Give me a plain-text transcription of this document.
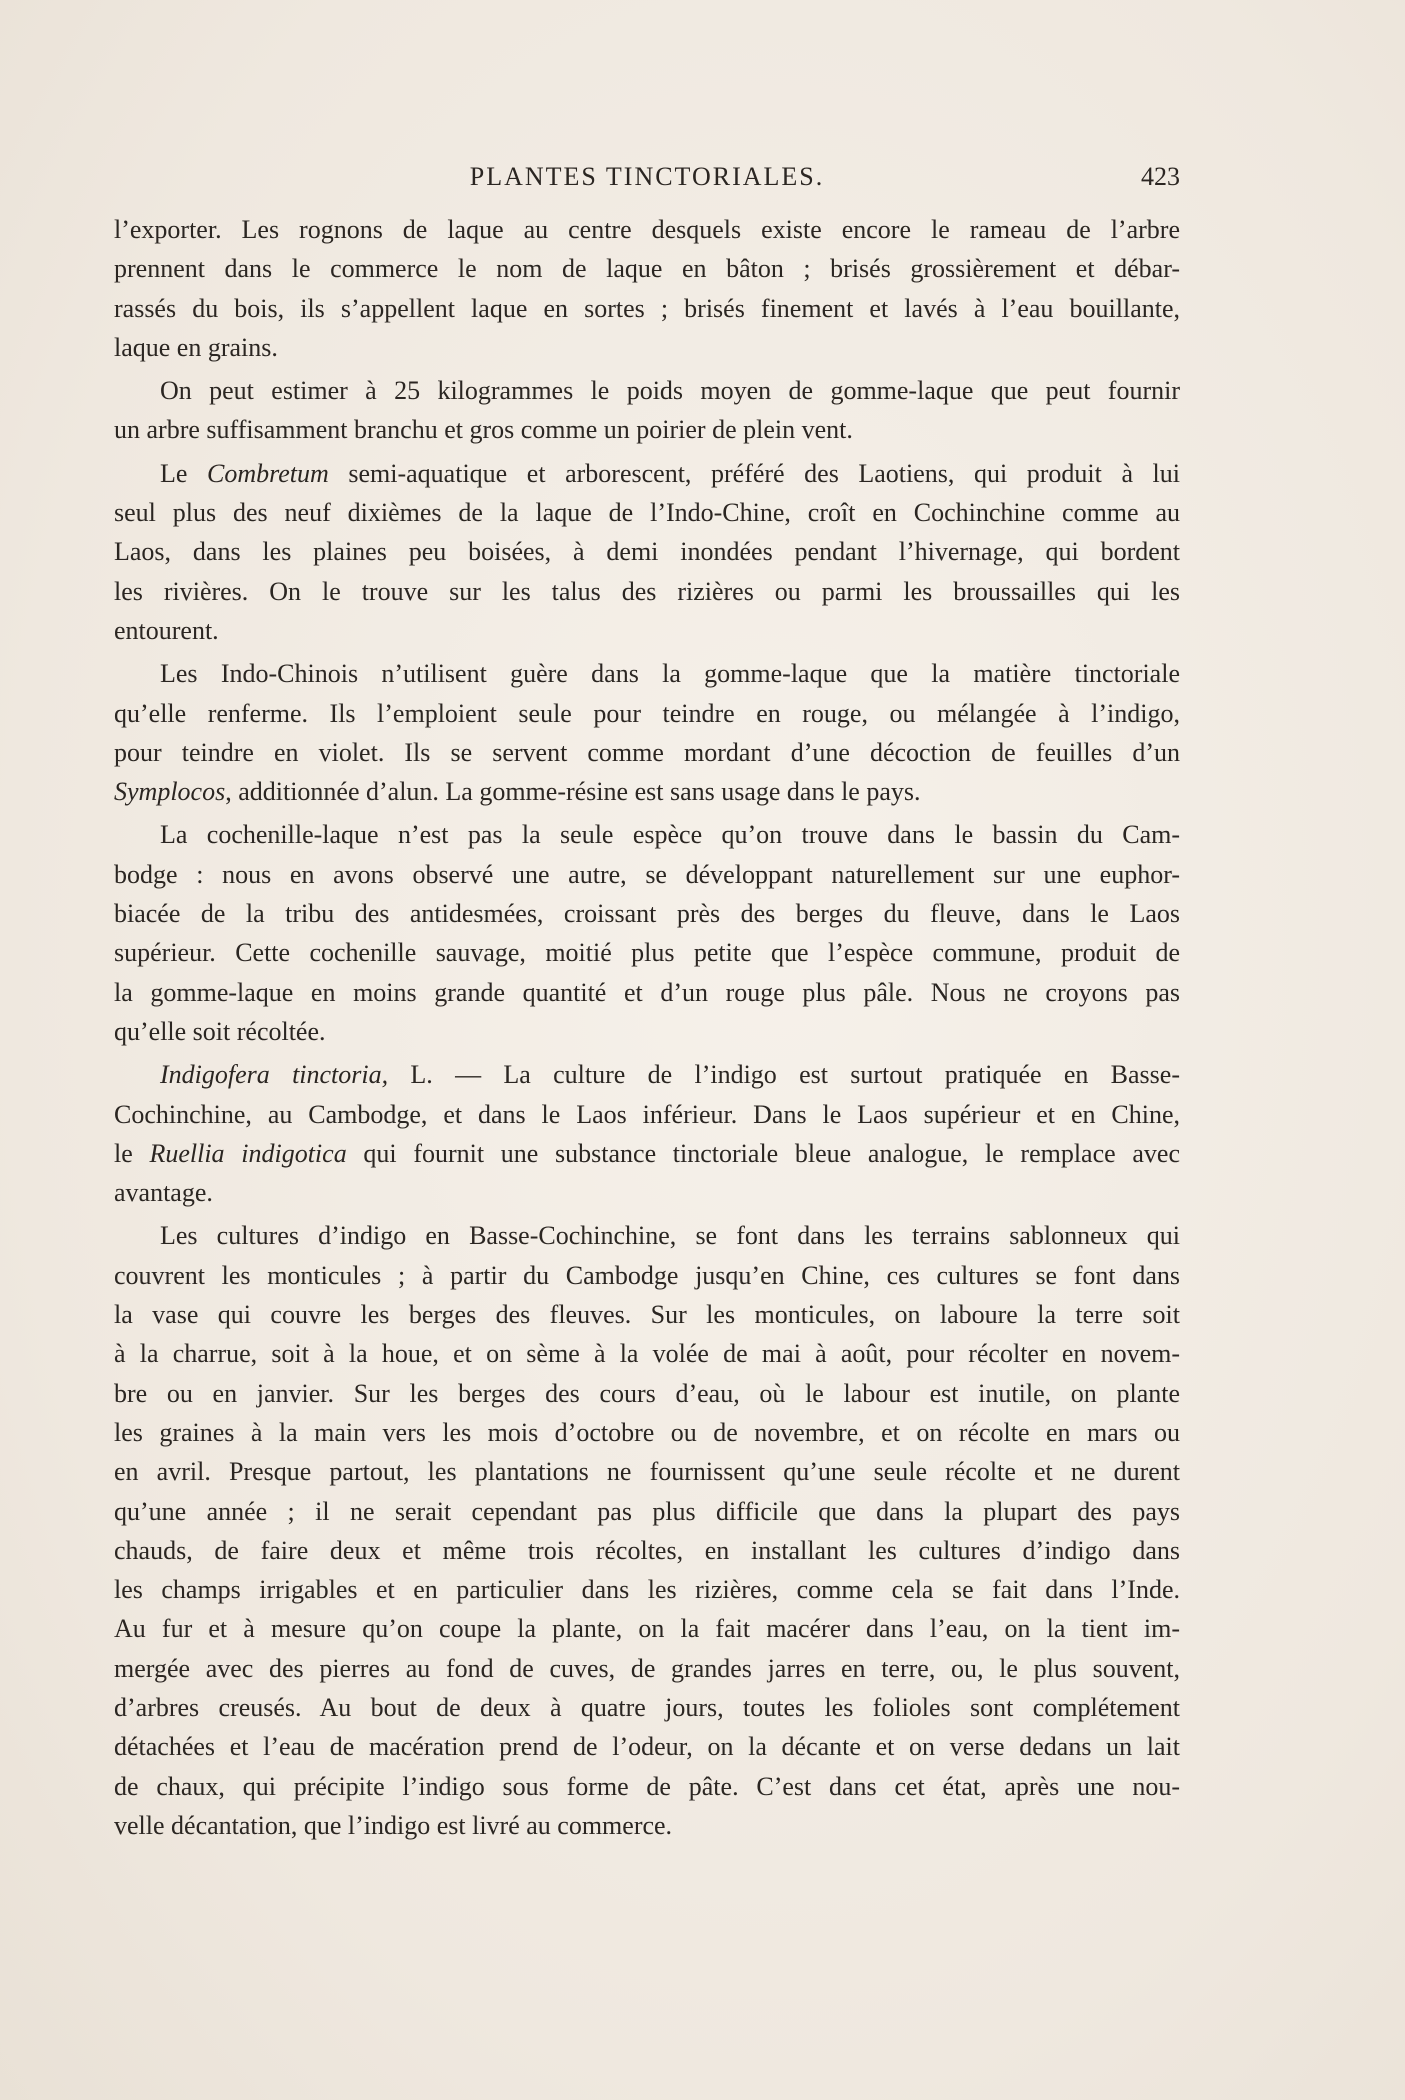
PLANTES TINCTORIALES.	423
l’exporter. Les rognons de laque au centre desquels existe encore le rameau de l’arbre
prennent dans le commerce le nom de laque en bâton ; brisés grossièrement et débar-
rassés du bois, ils s’appellent laque en sortes ; brisés finement et lavés à l’eau bouillante,
laque en grains.
On peut estimer à 25 kilogrammes le poids moyen de gomme-laque que peut fournir
un arbre suffisamment branchu et gros comme un poirier de plein vent.
Le Combretum semi-aquatique et arborescent, préféré des Laotiens, qui produit à lui
seul plus des neuf dixièmes de la laque de l’Indo-Chine, croît en Cochinchine comme au
Laos, dans les plaines peu boisées, à demi inondées pendant l’hivernage, qui bordent
les rivières. On le trouve sur les talus des rizières ou parmi les broussailles qui les
entourent.
Les Indo-Chinois n’utilisent guère dans la gomme-laque que la matière tinctoriale
qu’elle renferme. Ils l’emploient seule pour teindre en rouge, ou mélangée à l’indigo,
pour teindre en violet. Ils se servent comme mordant d’une décoction de feuilles d’un
Symplocos, additionnée d’alun. La gomme-résine est sans usage dans le pays.
La cochenille-laque n’est pas la seule espèce qu’on trouve dans le bassin du Cam-
bodge : nous en avons observé une autre, se développant naturellement sur une euphor-
biacée de la tribu des antidesmées, croissant près des berges du fleuve, dans le Laos
supérieur. Cette cochenille sauvage, moitié plus petite que l’espèce commune, produit de
la gomme-laque en moins grande quantité et d’un rouge plus pâle. Nous ne croyons pas
qu’elle soit récoltée.
Indigofera tinctoria, L. — La culture de l’indigo est surtout pratiquée en Basse-
Cochinchine, au Cambodge, et dans le Laos inférieur. Dans le Laos supérieur et en Chine,
le Ruellia indigotica qui fournit une substance tinctoriale bleue analogue, le remplace avec
avantage.
Les cultures d’indigo en Basse-Cochinchine, se font dans les terrains sablonneux qui
couvrent les monticules ; à partir du Cambodge jusqu’en Chine, ces cultures se font dans
la vase qui couvre les berges des fleuves. Sur les monticules, on laboure la terre soit
à la charrue, soit à la houe, et on sème à la volée de mai à août, pour récolter en novem-
bre ou en janvier. Sur les berges des cours d’eau, où le labour est inutile, on plante
les graines à la main vers les mois d’octobre ou de novembre, et on récolte en mars ou
en avril. Presque partout, les plantations ne fournissent qu’une seule récolte et ne durent
qu’une année ; il ne serait cependant pas plus difficile que dans la plupart des pays
chauds, de faire deux et même trois récoltes, en installant les cultures d’indigo dans
les champs irrigables et en particulier dans les rizières, comme cela se fait dans l’Inde.
Au fur et à mesure qu’on coupe la plante, on la fait macérer dans l’eau, on la tient im-
mergée avec des pierres au fond de cuves, de grandes jarres en terre, ou, le plus souvent,
d’arbres creusés. Au bout de deux à quatre jours, toutes les folioles sont complétement
détachées et l’eau de macération prend de l’odeur, on la décante et on verse dedans un lait
de chaux, qui précipite l’indigo sous forme de pâte. C’est dans cet état, après une nou-
velle décantation, que l’indigo est livré au commerce.
